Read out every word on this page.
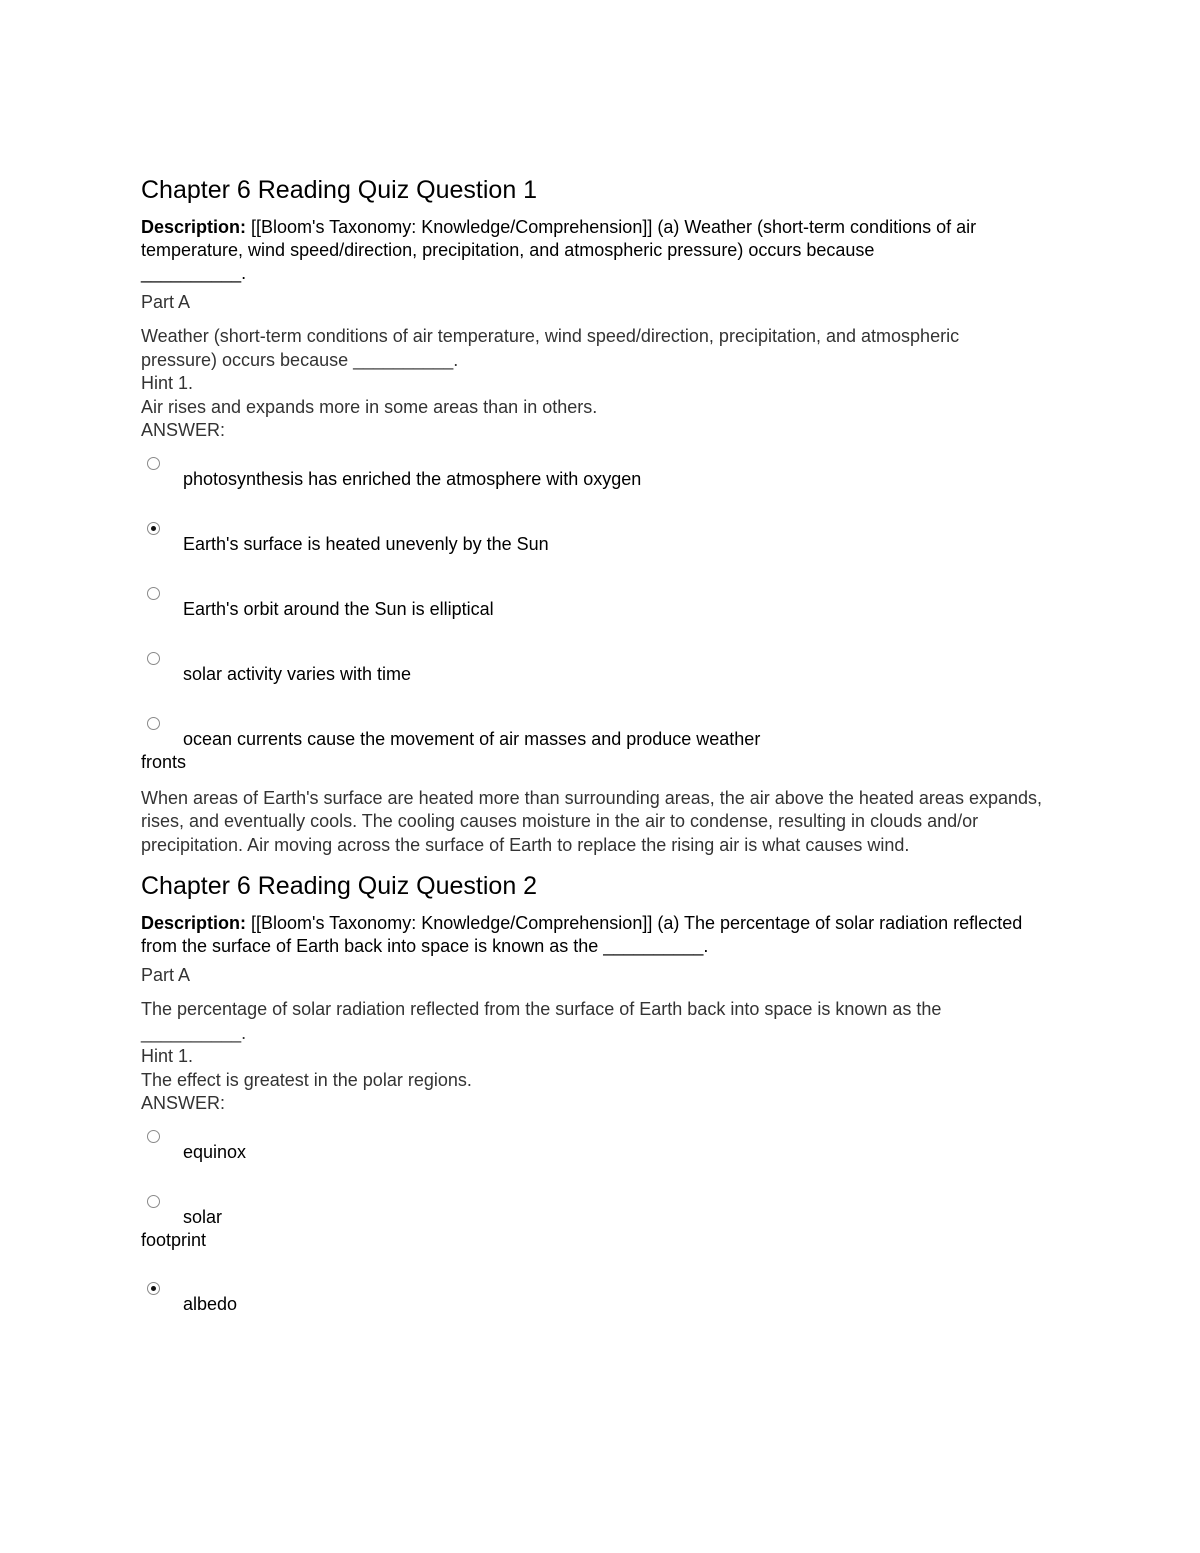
Chapter 6 Reading Quiz Question 1
Description: [[Bloom's Taxonomy: Knowledge/Comprehension]] (a) Weather (short-term conditions of air temperature, wind speed/direction, precipitation, and atmospheric pressure) occurs because
__________.
Part A
Weather (short-term conditions of air temperature, wind speed/direction, precipitation, and atmospheric
pressure) occurs because __________.
Hint 1.
Air rises and expands more in some areas than in others.
ANSWER:
photosynthesis has enriched the atmosphere with oxygen
Earth's surface is heated unevenly by the Sun
Earth's orbit around the Sun is elliptical
solar activity varies with time
ocean currents cause the movement of air masses and produce weather
fronts
When areas of Earth's surface are heated more than surrounding areas, the air above the heated areas expands, rises, and eventually cools. The cooling causes moisture in the air to condense, resulting in clouds and/or precipitation. Air moving across the surface of Earth to replace the rising air is what causes wind.
Chapter 6 Reading Quiz Question 2
Description: [[Bloom's Taxonomy: Knowledge/Comprehension]] (a) The percentage of solar radiation reflected from the surface of Earth back into space is known as the __________.
Part A
The percentage of solar radiation reflected from the surface of Earth back into space is known as the
__________.
Hint 1.
The effect is greatest in the polar regions.
ANSWER:
equinox
solar
footprint
albedo
